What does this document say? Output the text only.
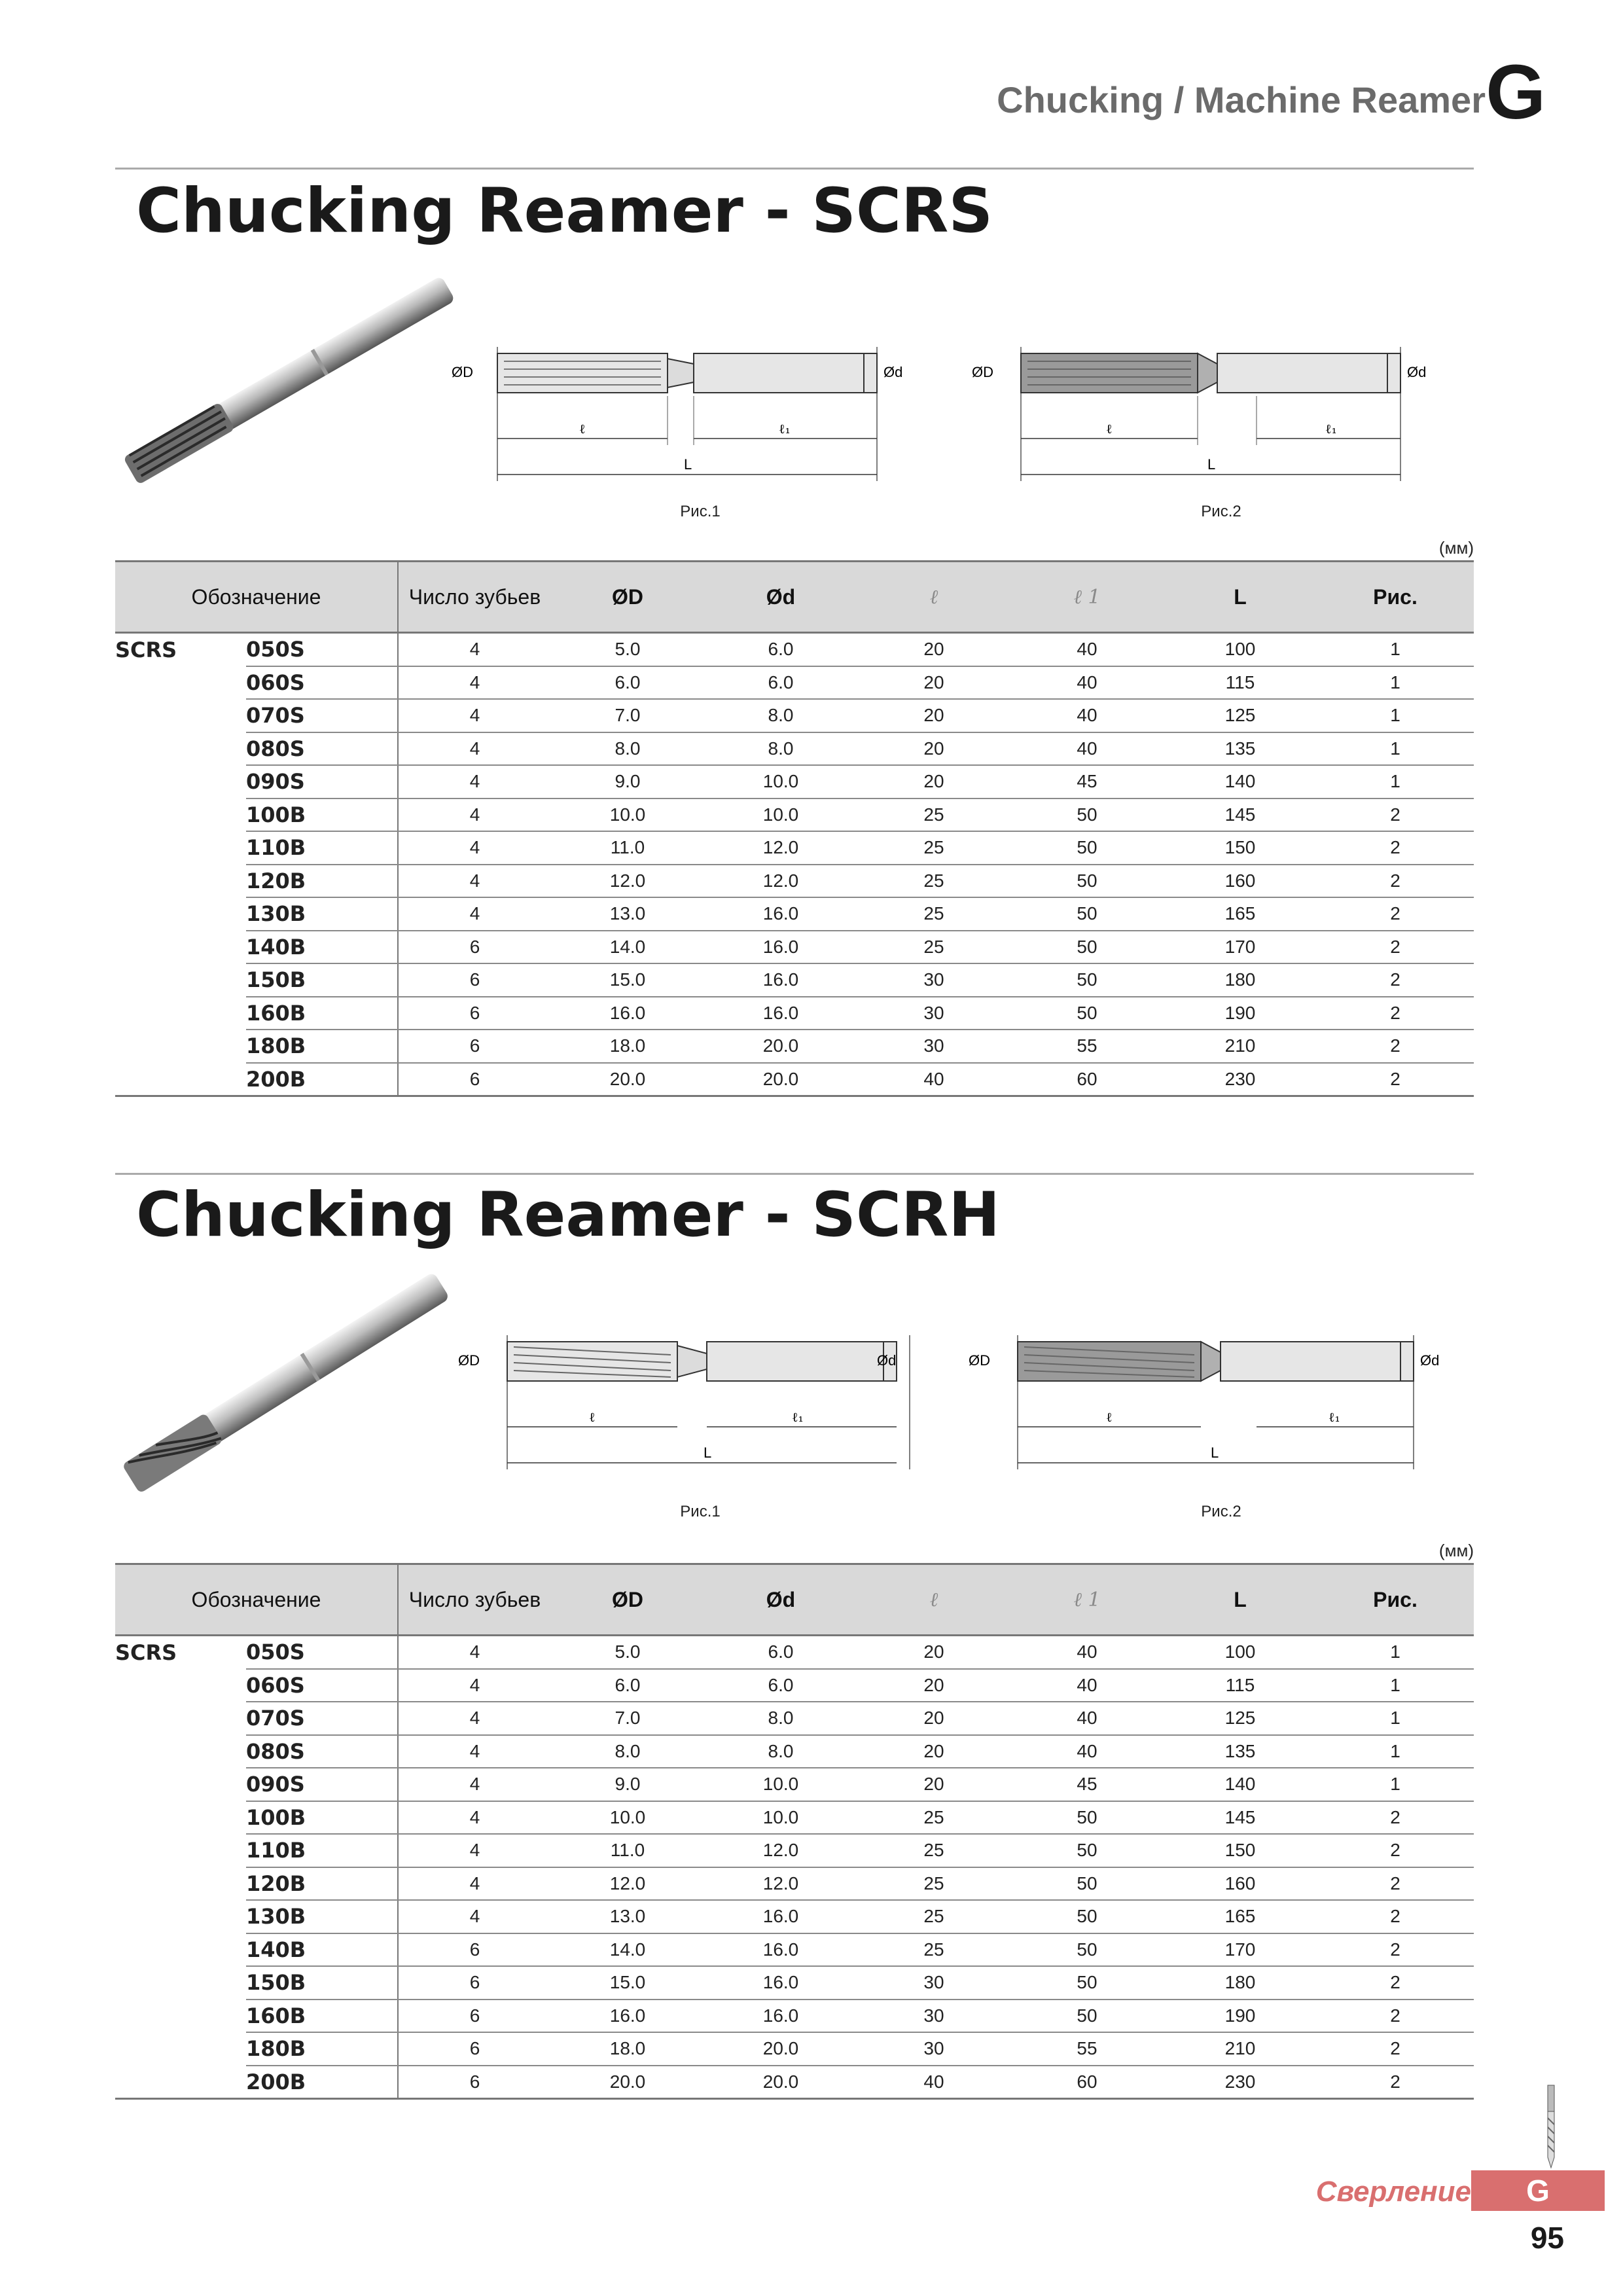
Chucking / Machine Reamer G
Chucking Reamer - SCRS
ØD	Ød
ℓ	ℓ₁
L
Рис.1
ØD	Ød
ℓ	ℓ₁
L
Рис.2
(мм)
Обозначение		Число зубьев	ØD	Ød	ℓ	ℓ 1	L	Рис.
SCRS	050S	4	5.0	6.0	20	40	100	1
	060S	4	6.0	6.0	20	40	115	1
	070S	4	7.0	8.0	20	40	125	1
	080S	4	8.0	8.0	20	40	135	1
	090S	4	9.0	10.0	20	45	140	1
	100B	4	10.0	10.0	25	50	145	2
	110B	4	11.0	12.0	25	50	150	2
	120B	4	12.0	12.0	25	50	160	2
	130B	4	13.0	16.0	25	50	165	2
	140B	6	14.0	16.0	25	50	170	2
	150B	6	15.0	16.0	30	50	180	2
	160B	6	16.0	16.0	30	50	190	2
	180B	6	18.0	20.0	30	55	210	2
	200B	6	20.0	20.0	40	60	230	2
Chucking Reamer - SCRH
ØD	Ød
ℓ	ℓ₁
L
Рис.1
ØD	Ød
ℓ	ℓ₁
L
Рис.2
(мм)
Обозначение		Число зубьев	ØD	Ød	ℓ	ℓ 1	L	Рис.
SCRS	050S	4	5.0	6.0	20	40	100	1
	060S	4	6.0	6.0	20	40	115	1
	070S	4	7.0	8.0	20	40	125	1
	080S	4	8.0	8.0	20	40	135	1
	090S	4	9.0	10.0	20	45	140	1
	100B	4	10.0	10.0	25	50	145	2
	110B	4	11.0	12.0	25	50	150	2
	120B	4	12.0	12.0	25	50	160	2
	130B	4	13.0	16.0	25	50	165	2
	140B	6	14.0	16.0	25	50	170	2
	150B	6	15.0	16.0	30	50	180	2
	160B	6	16.0	16.0	30	50	190	2
	180B	6	18.0	20.0	30	55	210	2
	200B	6	20.0	20.0	40	60	230	2
Сверление	G
95
